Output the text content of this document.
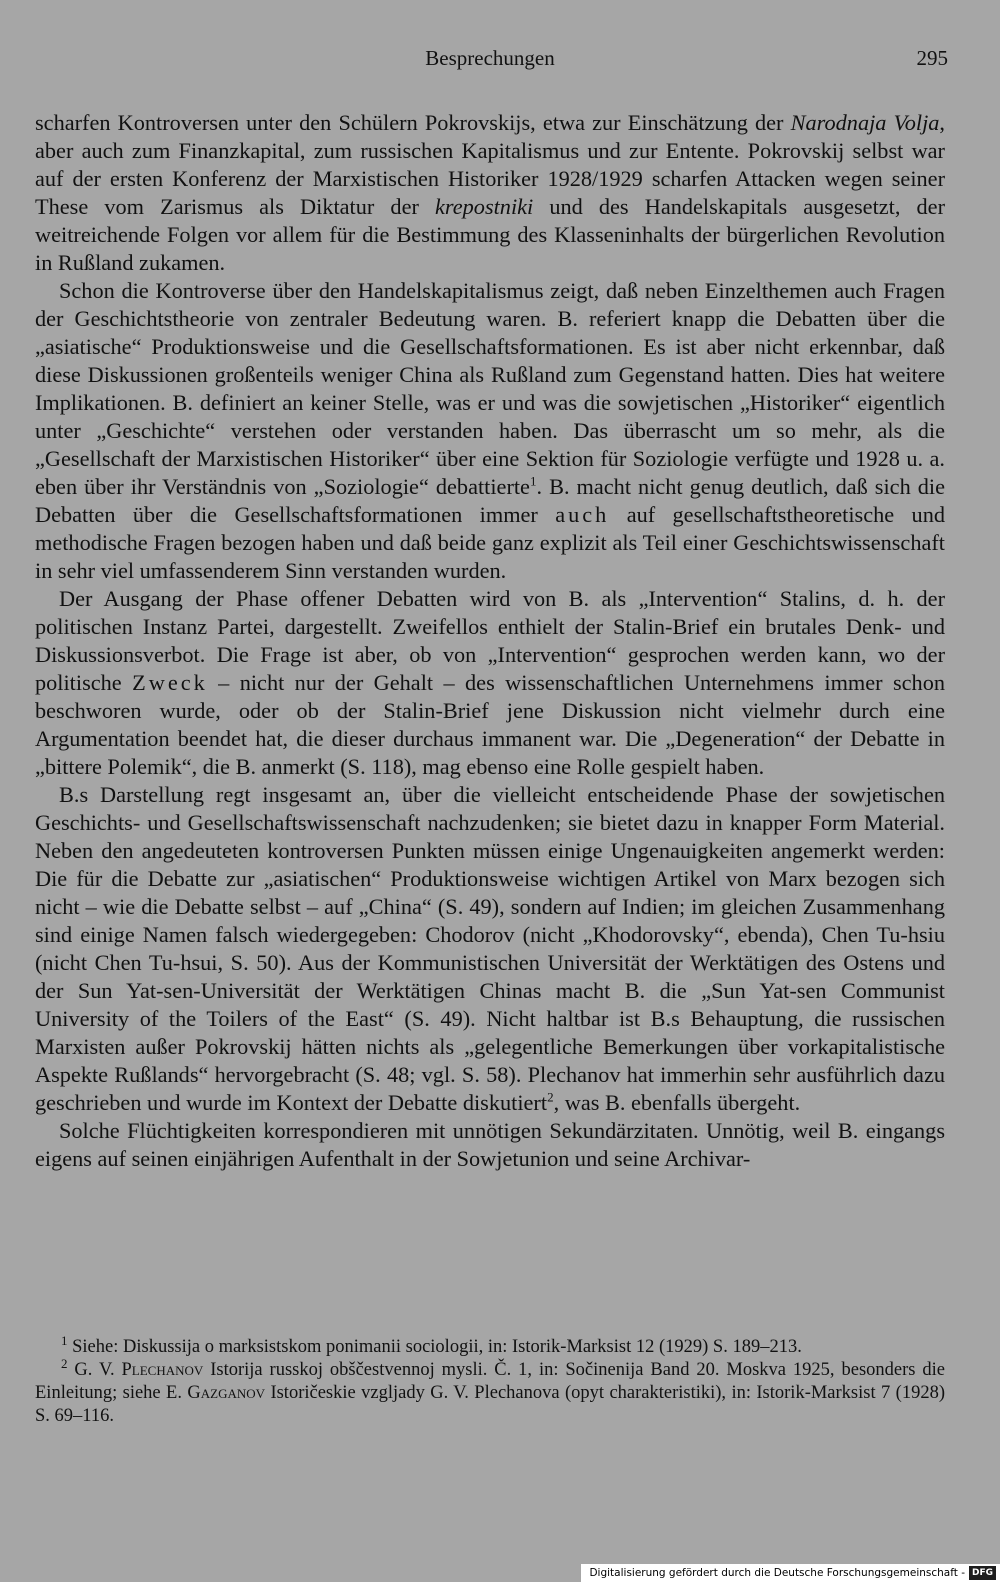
Besprechungen	295

scharfen Kontroversen unter den Schülern Pokrovskijs, etwa zur Einschätzung der Narodnaja Volja, aber auch zum Finanzkapital, zum russischen Kapitalismus und zur Entente. Pokrovskij selbst war auf der ersten Konferenz der Marxistischen Historiker 1928/1929 scharfen Attacken wegen seiner These vom Zarismus als Diktatur der krepostniki und des Handelskapitals ausgesetzt, der weitreichende Folgen vor allem für die Bestimmung des Klasseninhalts der bürgerlichen Revolution in Rußland zukamen.

Schon die Kontroverse über den Handelskapitalismus zeigt, daß neben Einzelthemen auch Fragen der Geschichtstheorie von zentraler Bedeutung waren. B. referiert knapp die Debatten über die „asiatische“ Produktionsweise und die Gesellschaftsformationen. Es ist aber nicht erkennbar, daß diese Diskussionen großenteils weniger China als Rußland zum Gegenstand hatten. Dies hat weitere Implikationen. B. definiert an keiner Stelle, was er und was die sowjetischen „Historiker“ eigentlich unter „Geschichte“ verstehen oder verstanden haben. Das überrascht um so mehr, als die „Gesellschaft der Marxistischen Historiker“ über eine Sektion für Soziologie verfügte und 1928 u. a. eben über ihr Verständnis von „Soziologie“ debattierte$^1$. B. macht nicht genug deutlich, daß sich die Debatten über die Gesellschaftsformationen immer auch auf gesellschaftstheoretische und methodische Fragen bezogen haben und daß beide ganz explizit als Teil einer Geschichtswissenschaft in sehr viel umfassenderem Sinn verstanden wurden.

Der Ausgang der Phase offener Debatten wird von B. als „Intervention“ Stalins, d. h. der politischen Instanz Partei, dargestellt. Zweifellos enthielt der Stalin-Brief ein brutales Denk- und Diskussionsverbot. Die Frage ist aber, ob von „Intervention“ gesprochen werden kann, wo der politische Zweck – nicht nur der Gehalt – des wissenschaftlichen Unternehmens immer schon beschworen wurde, oder ob der Stalin-Brief jene Diskussion nicht vielmehr durch eine Argumentation beendet hat, die dieser durchaus immanent war. Die „Degeneration“ der Debatte in „bittere Polemik“, die B. anmerkt (S. 118), mag ebenso eine Rolle gespielt haben.

B.s Darstellung regt insgesamt an, über die vielleicht entscheidende Phase der sowjetischen Geschichts- und Gesellschaftswissenschaft nachzudenken; sie bietet dazu in knapper Form Material. Neben den angedeuteten kontroversen Punkten müssen einige Ungenauigkeiten angemerkt werden: Die für die Debatte zur „asiatischen“ Produktionsweise wichtigen Artikel von Marx bezogen sich nicht – wie die Debatte selbst – auf „China“ (S. 49), sondern auf Indien; im gleichen Zusammenhang sind einige Namen falsch wiedergegeben: Chodorov (nicht „Khodorovsky“, ebenda), Chen Tu-hsiu (nicht Chen Tu-hsui, S. 50). Aus der Kommunistischen Universität der Werktätigen des Ostens und der Sun Yat-sen-Universität der Werktätigen Chinas macht B. die „Sun Yat-sen Communist University of the Toilers of the East“ (S. 49). Nicht haltbar ist B.s Behauptung, die russischen Marxisten außer Pokrovskij hätten nichts als „gelegentliche Bemerkungen über vorkapitalistische Aspekte Rußlands“ hervorgebracht (S. 48; vgl. S. 58). Plechanov hat immerhin sehr ausführlich dazu geschrieben und wurde im Kontext der Debatte diskutiert$^2$, was B. ebenfalls übergeht.

Solche Flüchtigkeiten korrespondieren mit unnötigen Sekundärzitaten. Unnötig, weil B. eingangs eigens auf seinen einjährigen Aufenthalt in der Sowjetunion und seine Archivar-

$^1$ Siehe: Diskussija o marksistskom ponimanii sociologii, in: Istorik-Marksist 12 (1929) S. 189–213.

$^2$ G. V. Plechanov Istorija russkoj obščestvennoj mysli. Č. 1, in: Sočinenija Band 20. Moskva 1925, besonders die Einleitung; siehe E. Gazganov Istoričeskie vzgljady G. V. Plechanova (opyt charakteristiki), in: Istorik-Marksist 7 (1928) S. 69–116.

Digitalisierung gefördert durch die Deutsche Forschungsgemeinschaft - DFG
